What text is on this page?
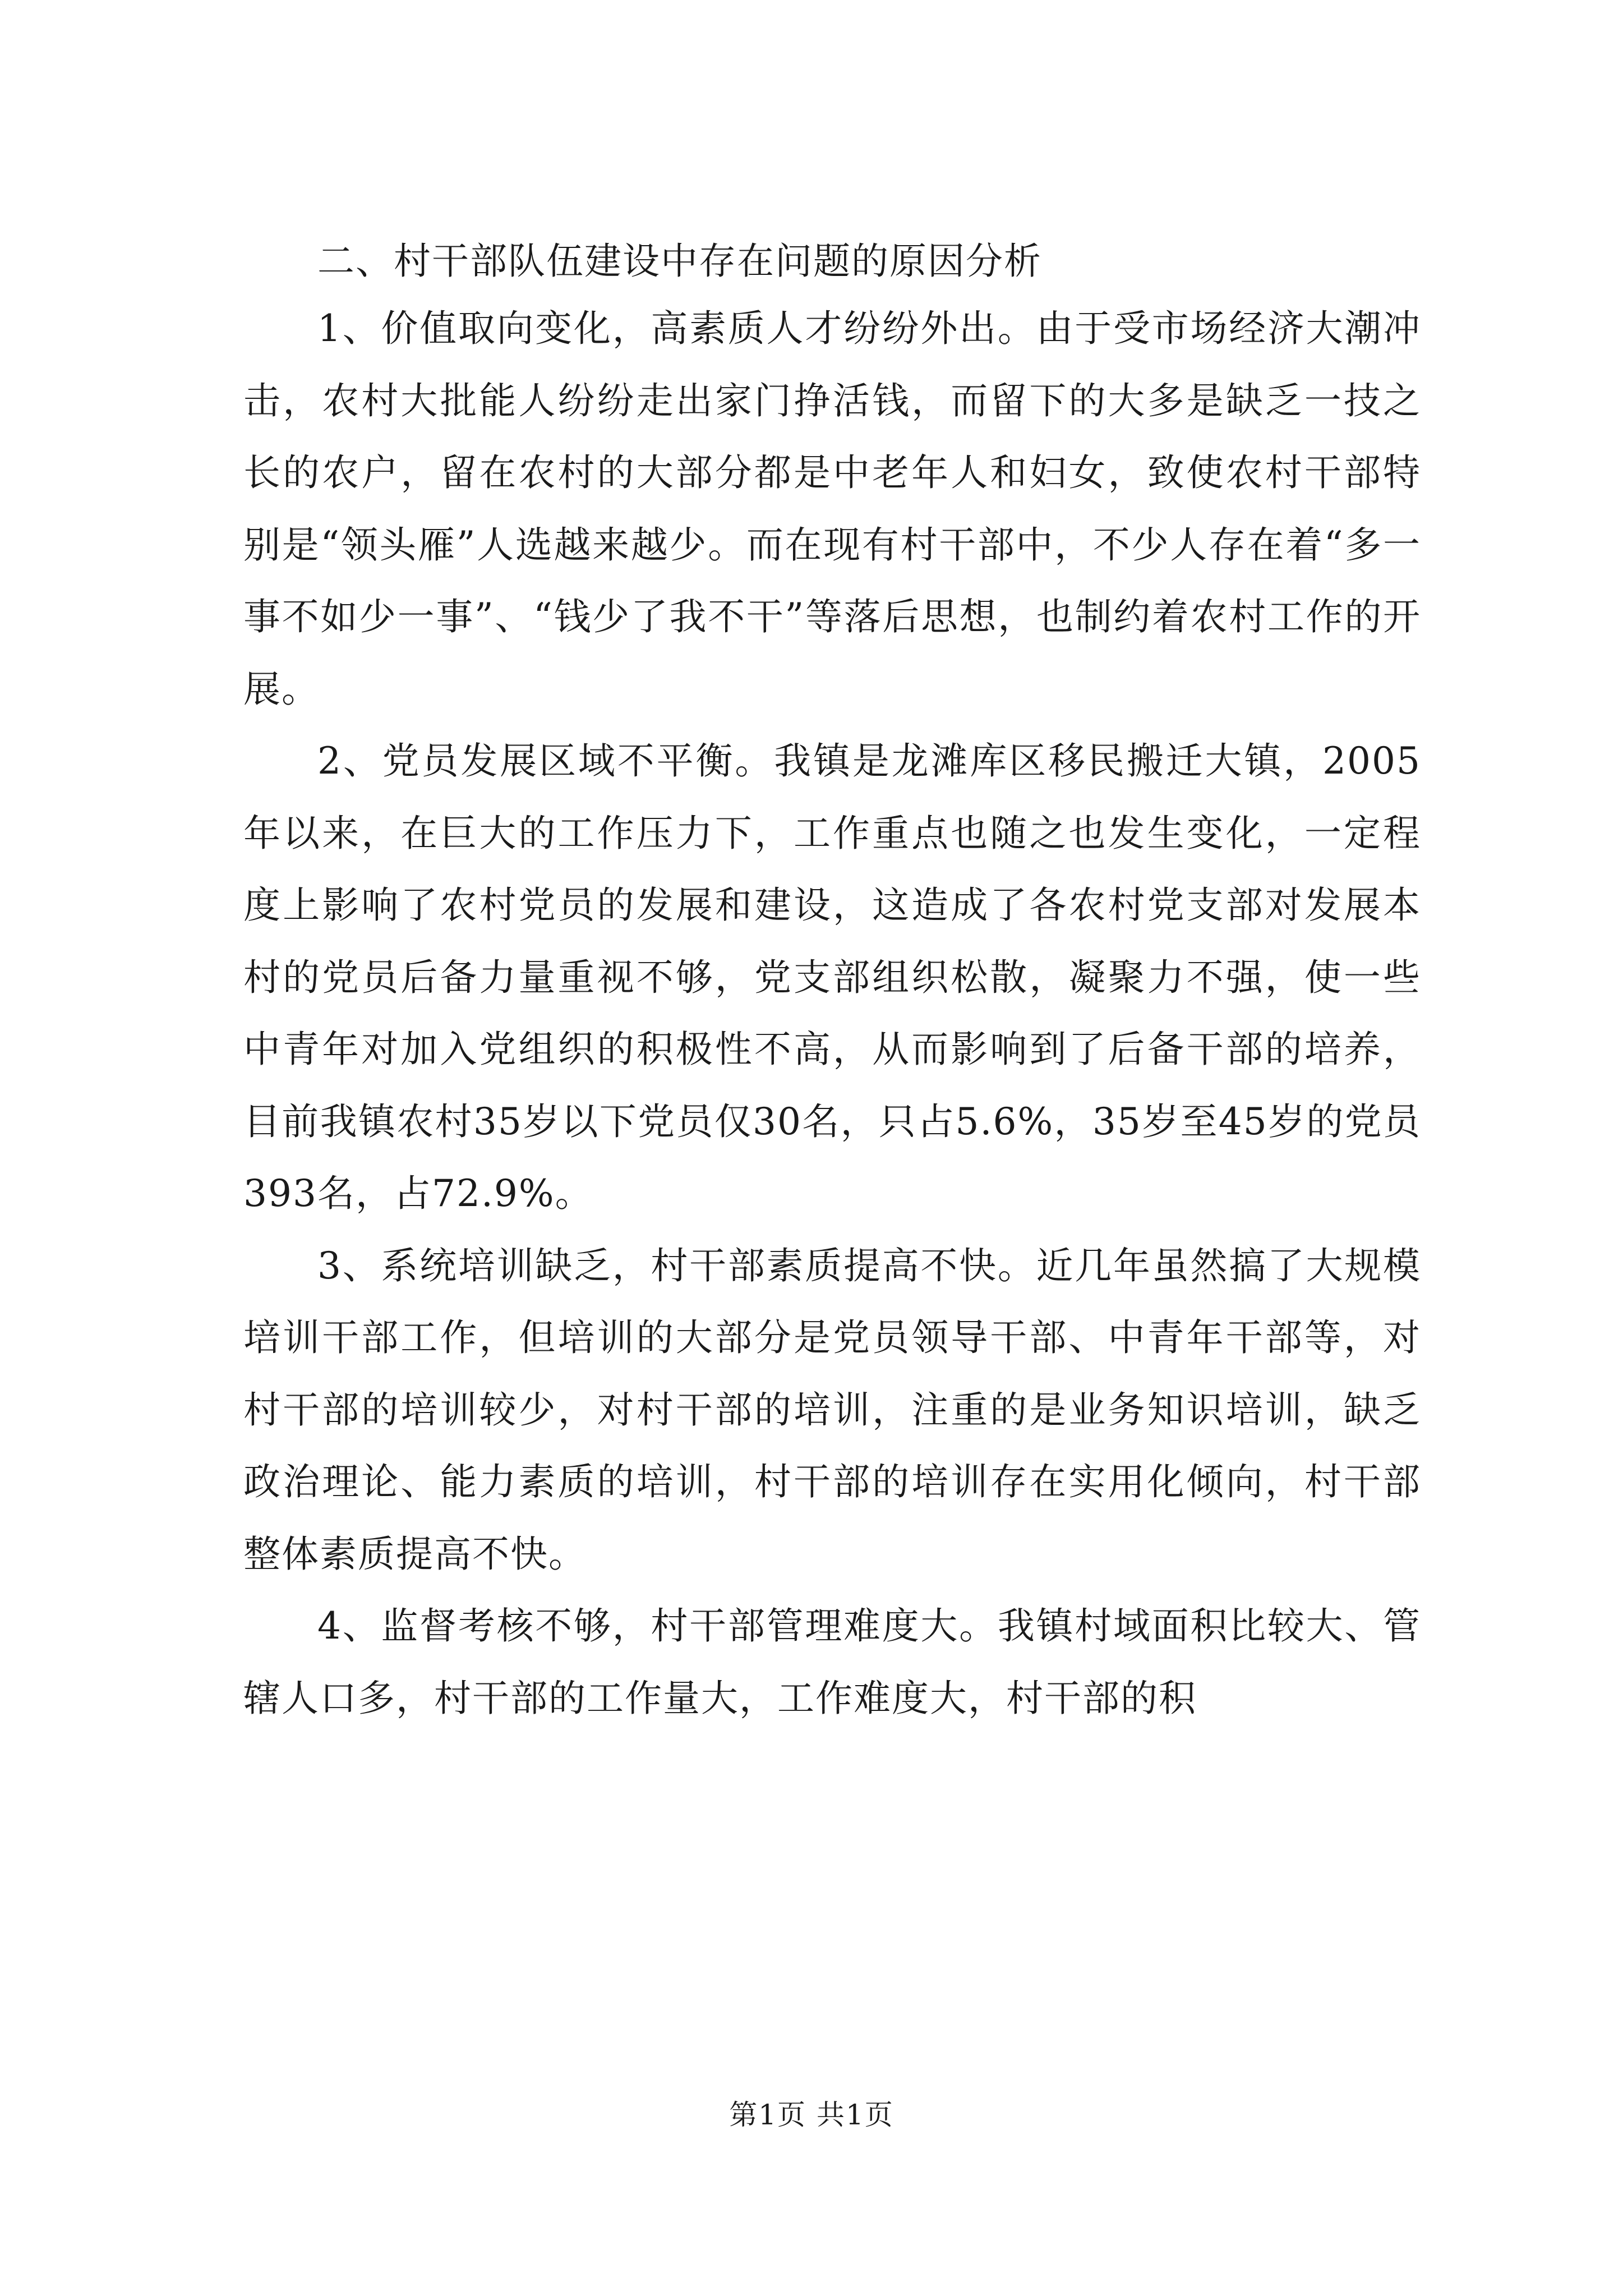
二、村干部队伍建设中存在问题的原因分析

1、价值取向变化，高素质人才纷纷外出。由于受市场经济大潮冲击，农村大批能人纷纷走出家门挣活钱，而留下的大多是缺乏一技之长的农户，留在农村的大部分都是中老年人和妇女，致使农村干部特别是“领头雁”人选越来越少。而在现有村干部中，不少人存在着“多一事不如少一事”、“钱少了我不干”等落后思想，也制约着农村工作的开展。

2、党员发展区域不平衡。我镇是龙滩库区移民搬迁大镇，2005年以来，在巨大的工作压力下，工作重点也随之也发生变化，一定程度上影响了农村党员的发展和建设，这造成了各农村党支部对发展本村的党员后备力量重视不够，党支部组织松散，凝聚力不强，使一些中青年对加入党组织的积极性不高，从而影响到了后备干部的培养，目前我镇农村35岁以下党员仅30名，只占5.6%，35岁至45岁的党员393名，占72.9%。

3、系统培训缺乏，村干部素质提高不快。近几年虽然搞了大规模培训干部工作，但培训的大部分是党员领导干部、中青年干部等，对村干部的培训较少，对村干部的培训，注重的是业务知识培训，缺乏政治理论、能力素质的培训，村干部的培训存在实用化倾向，村干部整体素质提高不快。

4、监督考核不够，村干部管理难度大。我镇村域面积比较大、管辖人口多，村干部的工作量大，工作难度大，村干部的积

第1页 共1页
